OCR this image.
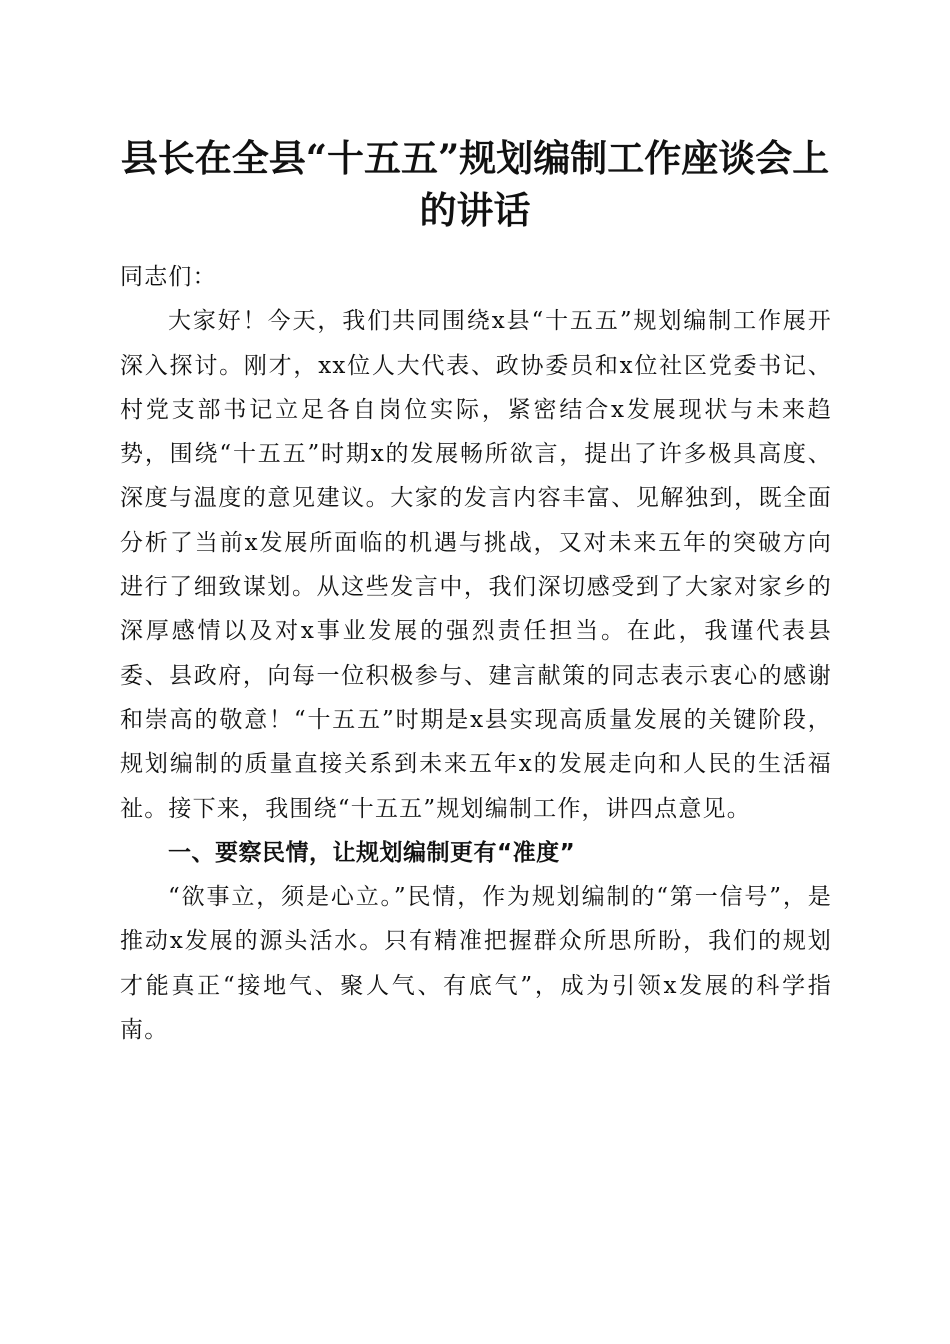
县长在全县“十五五”规划编制工作座谈会上
的讲话

同志们：

大家好！今天，我们共同围绕x县“十五五”规划编制工作展开深入探讨。刚才，xx位人大代表、政协委员和x位社区党委书记、村党支部书记立足各自岗位实际，紧密结合x发展现状与未来趋势，围绕“十五五”时期x的发展畅所欲言，提出了许多极具高度、深度与温度的意见建议。大家的发言内容丰富、见解独到，既全面分析了当前x发展所面临的机遇与挑战，又对未来五年的突破方向进行了细致谋划。从这些发言中，我们深切感受到了大家对家乡的深厚感情以及对x事业发展的强烈责任担当。在此，我谨代表县委、县政府，向每一位积极参与、建言献策的同志表示衷心的感谢和崇高的敬意！“十五五”时期是x县实现高质量发展的关键阶段，规划编制的质量直接关系到未来五年x的发展走向和人民的生活福祉。接下来，我围绕“十五五”规划编制工作，讲四点意见。

一、要察民情，让规划编制更有“准度”

“欲事立，须是心立。”民情，作为规划编制的“第一信号”，是推动x发展的源头活水。只有精准把握群众所思所盼，我们的规划才能真正“接地气、聚人气、有底气”，成为引领x发展的科学指南。
